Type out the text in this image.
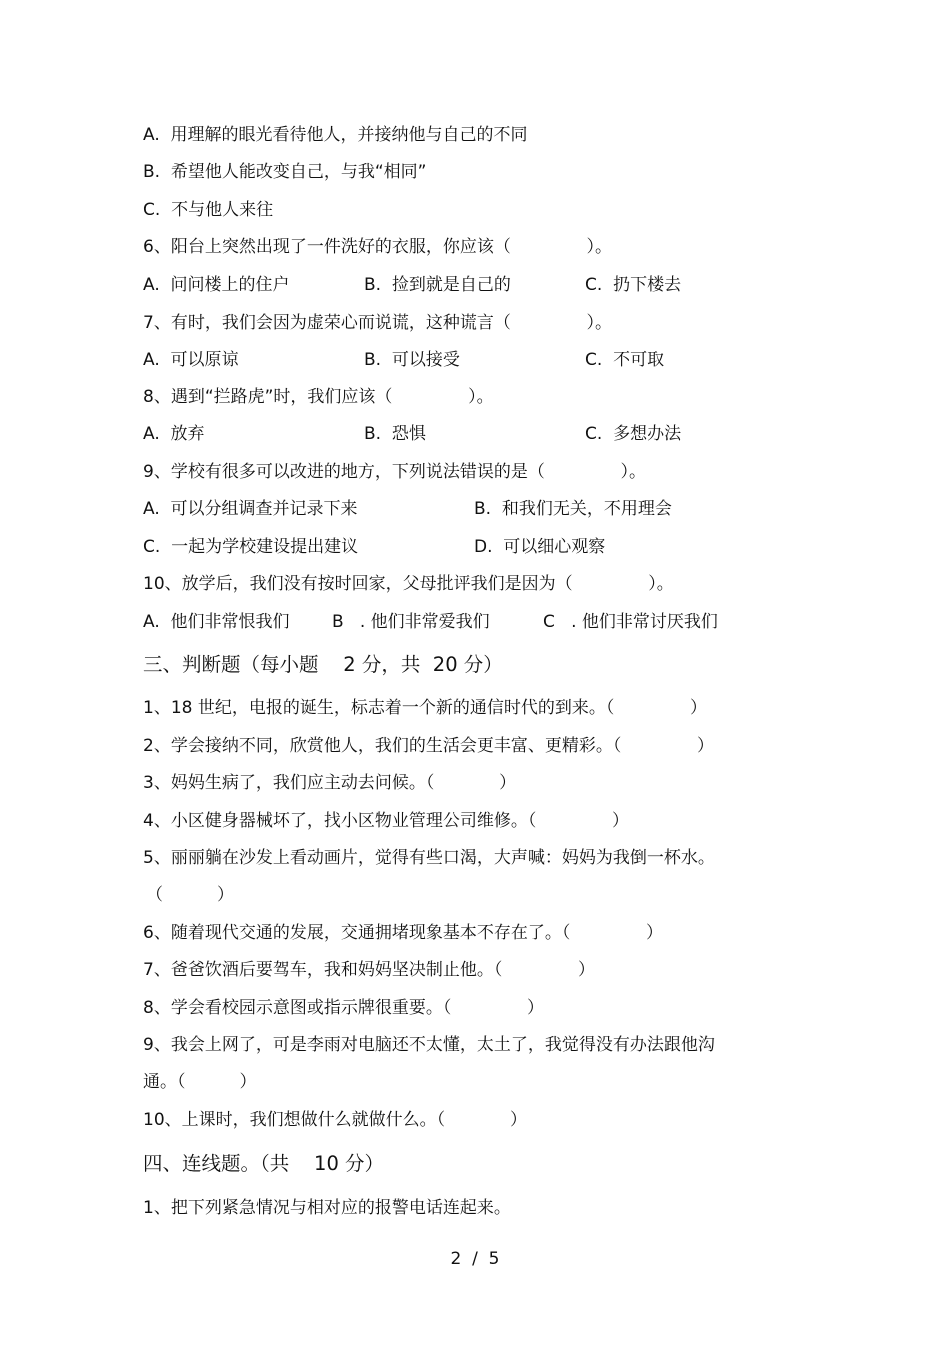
A.  用理解的眼光看待他人，并接纳他与自己的不同
B.  希望他人能改变自己，与我“相同”
C.  不与他人来往
6、阳台上突然出现了一件洗好的衣服，你应该（              ）。
A.  问问楼上的住户	B.  捡到就是自己的	C.  扔下楼去
7、有时，我们会因为虚荣心而说谎，这种谎言（              ）。
A.  可以原谅	B.  可以接受	C.  不可取
8、遇到“拦路虎”时，我们应该（              ）。
A.  放弃	B.  恐惧	C.  多想办法
9、学校有很多可以改进的地方，下列说法错误的是（              ）。
A.  可以分组调查并记录下来	B.  和我们无关，不用理会
C.  一起为学校建设提出建议	D.  可以细心观察
10、放学后，我们没有按时回家，父母批评我们是因为（              ）。
A.  他们非常恨我们 B   . 他们非常爱我们	C   . 他们非常讨厌我们
三、判断题（每小题    2 分，共  20 分）
1、18 世纪，电报的诞生，标志着一个新的通信时代的到来。（              ）
2、学会接纳不同，欣赏他人，我们的生活会更丰富、更精彩。（              ）
3、妈妈生病了，我们应主动去问候。（            ）
4、小区健身器械坏了，找小区物业管理公司维修。（              ）
5、丽丽躺在沙发上看动画片，觉得有些口渴，大声喊：妈妈为我倒一杯水。
（          ）
6、随着现代交通的发展，交通拥堵现象基本不存在了。（              ）
7、爸爸饮酒后要驾车，我和妈妈坚决制止他。（              ）
8、学会看校园示意图或指示牌很重要。（              ）
9、我会上网了，可是李雨对电脑还不太懂，太土了，我觉得没有办法跟他沟
通。（          ）
10、上课时，我们想做什么就做什么。（            ）
四、连线题。（共    10 分）
1、把下列紧急情况与相对应的报警电话连起来。
2  /  5
